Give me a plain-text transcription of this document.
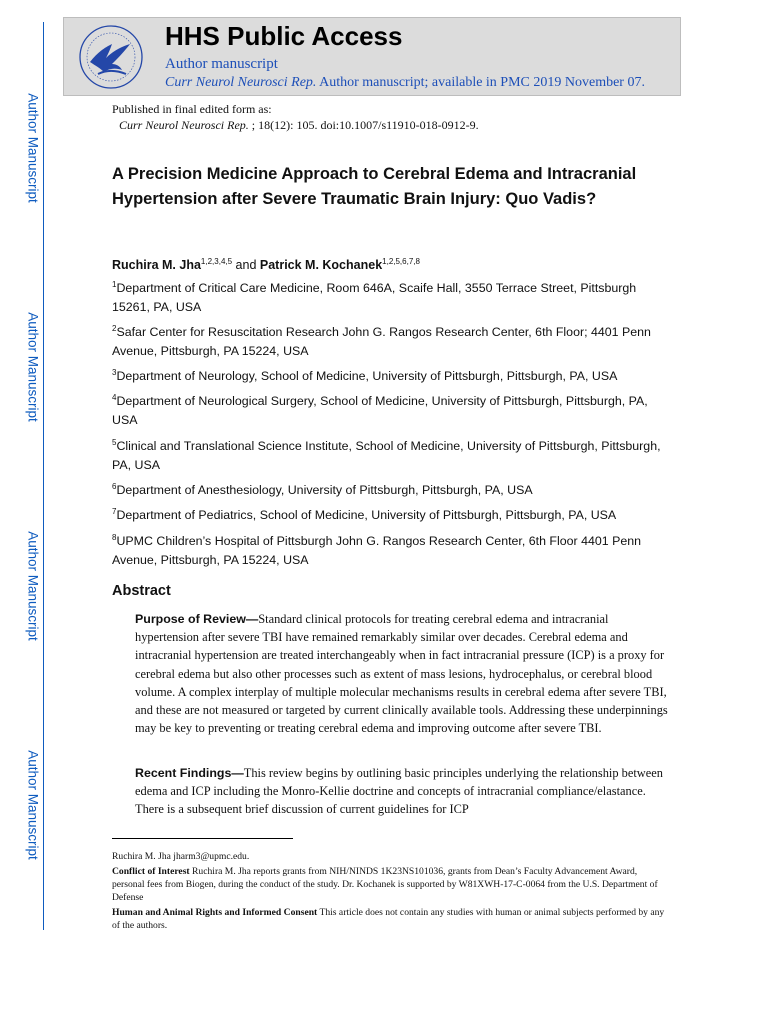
Author Manuscript
Author Manuscript
Author Manuscript
Author Manuscript
HHS Public Access
Author manuscript
Curr Neurol Neurosci Rep. Author manuscript; available in PMC 2019 November 07.
Published in final edited form as:
Curr Neurol Neurosci Rep. ; 18(12): 105. doi:10.1007/s11910-018-0912-9.
A Precision Medicine Approach to Cerebral Edema and Intracranial Hypertension after Severe Traumatic Brain Injury: Quo Vadis?
Ruchira M. Jha$^{1,2,3,4,5}$ and Patrick M. Kochanek$^{1,2,5,6,7,8}$
$^1$Department of Critical Care Medicine, Room 646A, Scaife Hall, 3550 Terrace Street, Pittsburgh 15261, PA, USA
$^2$Safar Center for Resuscitation Research John G. Rangos Research Center, 6th Floor; 4401 Penn Avenue, Pittsburgh, PA 15224, USA
$^3$Department of Neurology, School of Medicine, University of Pittsburgh, Pittsburgh, PA, USA
$^4$Department of Neurological Surgery, School of Medicine, University of Pittsburgh, Pittsburgh, PA, USA
$^5$Clinical and Translational Science Institute, School of Medicine, University of Pittsburgh, Pittsburgh, PA, USA
$^6$Department of Anesthesiology, University of Pittsburgh, Pittsburgh, PA, USA
$^7$Department of Pediatrics, School of Medicine, University of Pittsburgh, Pittsburgh, PA, USA
$^8$UPMC Children’s Hospital of Pittsburgh John G. Rangos Research Center, 6th Floor 4401 Penn Avenue, Pittsburgh, PA 15224, USA
Abstract
Purpose of Review—Standard clinical protocols for treating cerebral edema and intracranial hypertension after severe TBI have remained remarkably similar over decades. Cerebral edema and intracranial hypertension are treated interchangeably when in fact intracranial pressure (ICP) is a proxy for cerebral edema but also other processes such as extent of mass lesions, hydrocephalus, or cerebral blood volume. A complex interplay of multiple molecular mechanisms results in cerebral edema after severe TBI, and these are not measured or targeted by current clinically available tools. Addressing these underpinnings may be key to preventing or treating cerebral edema and improving outcome after severe TBI.
Recent Findings—This review begins by outlining basic principles underlying the relationship between edema and ICP including the Monro-Kellie doctrine and concepts of intracranial compliance/elastance. There is a subsequent brief discussion of current guidelines for ICP
Ruchira M. Jha jharm3@upmc.edu.
Conflict of Interest Ruchira M. Jha reports grants from NIH/NINDS 1K23NS101036, grants from Dean’s Faculty Advancement Award, personal fees from Biogen, during the conduct of the study. Dr. Kochanek is supported by W81XWH-17-C-0064 from the U.S. Department of Defense
Human and Animal Rights and Informed Consent This article does not contain any studies with human or animal subjects performed by any of the authors.
